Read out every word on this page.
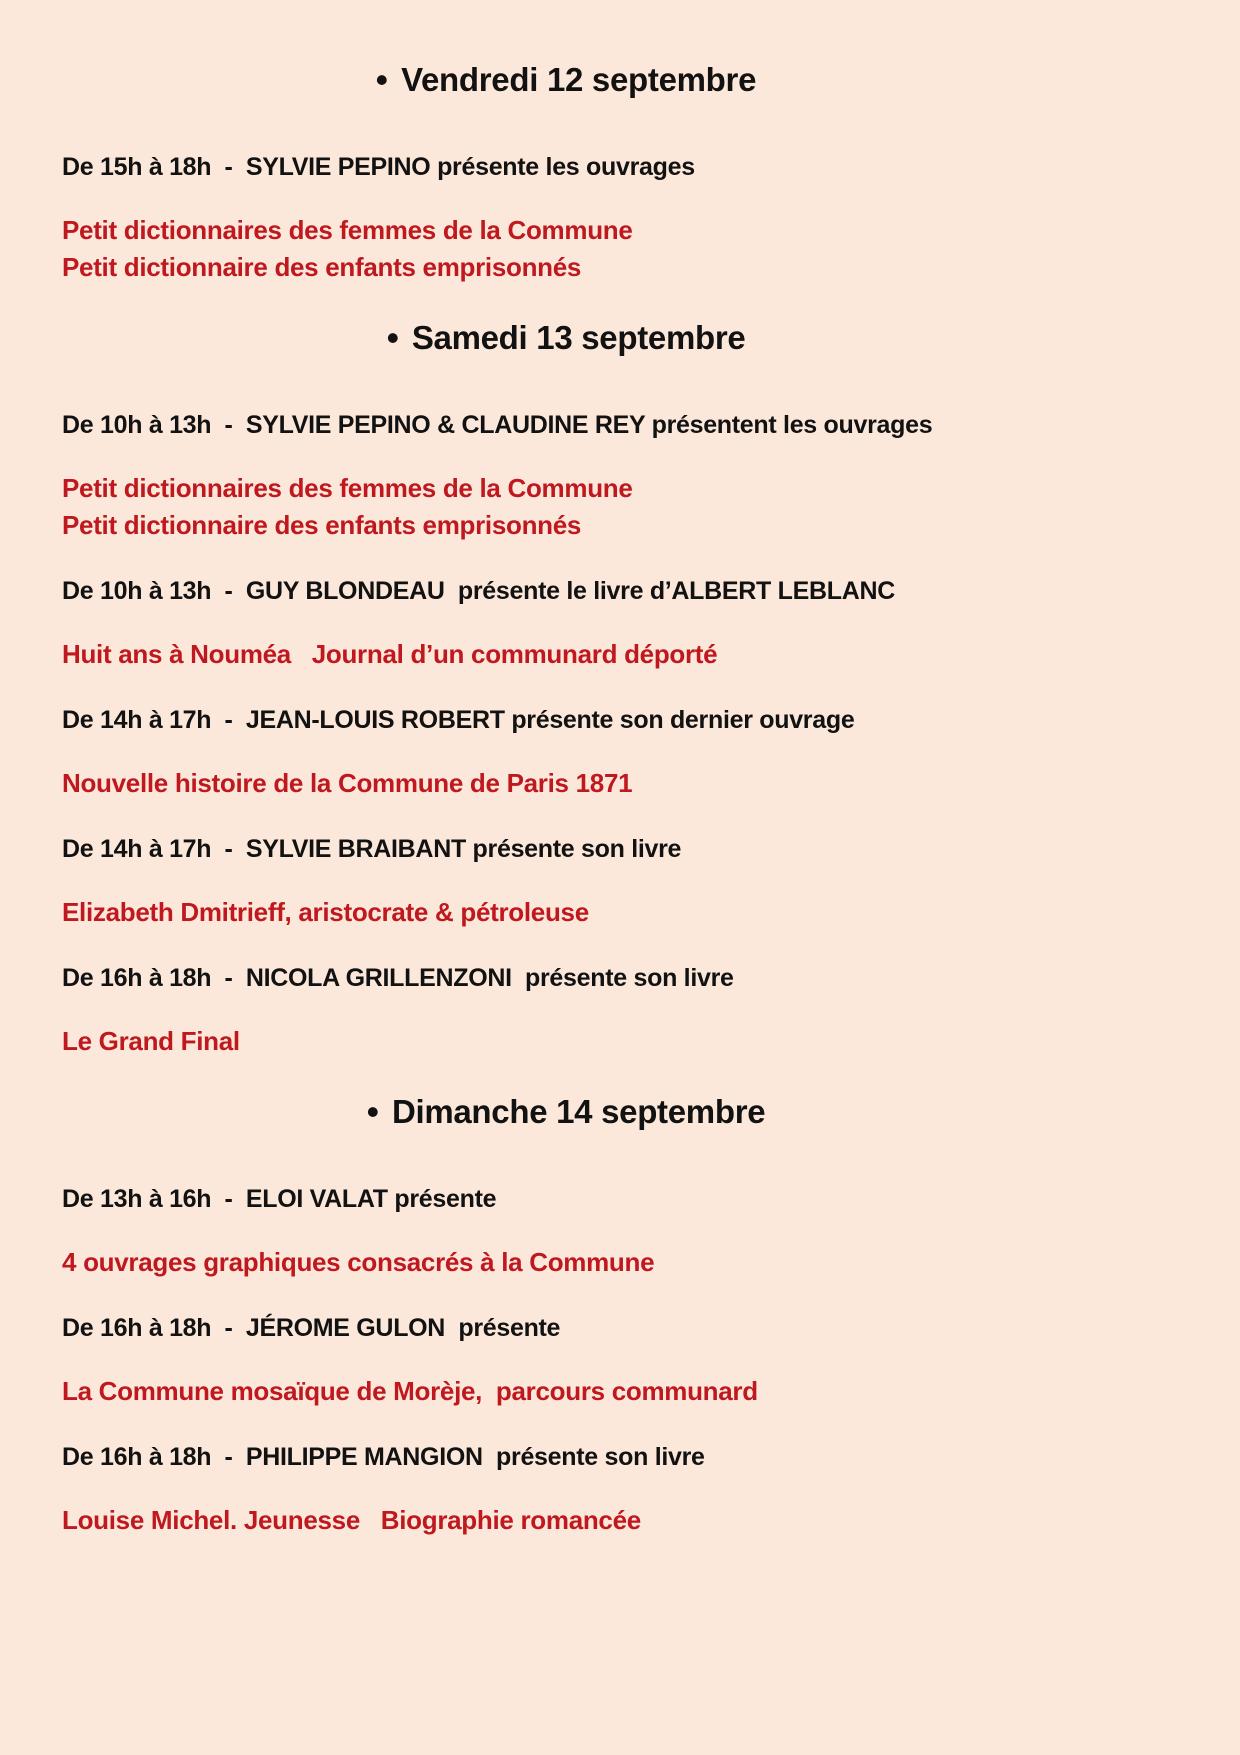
• Vendredi 12 septembre

De 15h à 18h  -  SYLVIE PEPINO présente les ouvrages

Petit dictionnaires des femmes de la Commune

Petit dictionnaire des enfants emprisonnés

• Samedi 13 septembre

De 10h à 13h  -  SYLVIE PEPINO & CLAUDINE REY présentent les ouvrages

Petit dictionnaires des femmes de la Commune

Petit dictionnaire des enfants emprisonnés

De 10h à 13h  -  GUY BLONDEAU  présente le livre d’ALBERT LEBLANC

Huit ans à Nouméa   Journal d’un communard déporté

De 14h à 17h  -  JEAN-LOUIS ROBERT présente son dernier ouvrage

Nouvelle histoire de la Commune de Paris 1871

De 14h à 17h  -  SYLVIE BRAIBANT présente son livre

Elizabeth Dmitrieff, aristocrate & pétroleuse

De 16h à 18h  -  NICOLA GRILLENZONI  présente son livre

Le Grand Final

• Dimanche 14 septembre

De 13h à 16h  -  ELOI VALAT présente

4 ouvrages graphiques consacrés à la Commune

De 16h à 18h  -  JÉROME GULON  présente

La Commune mosaïque de Morèje,  parcours communard

De 16h à 18h  -  PHILIPPE MANGION  présente son livre

Louise Michel. Jeunesse   Biographie romancée
